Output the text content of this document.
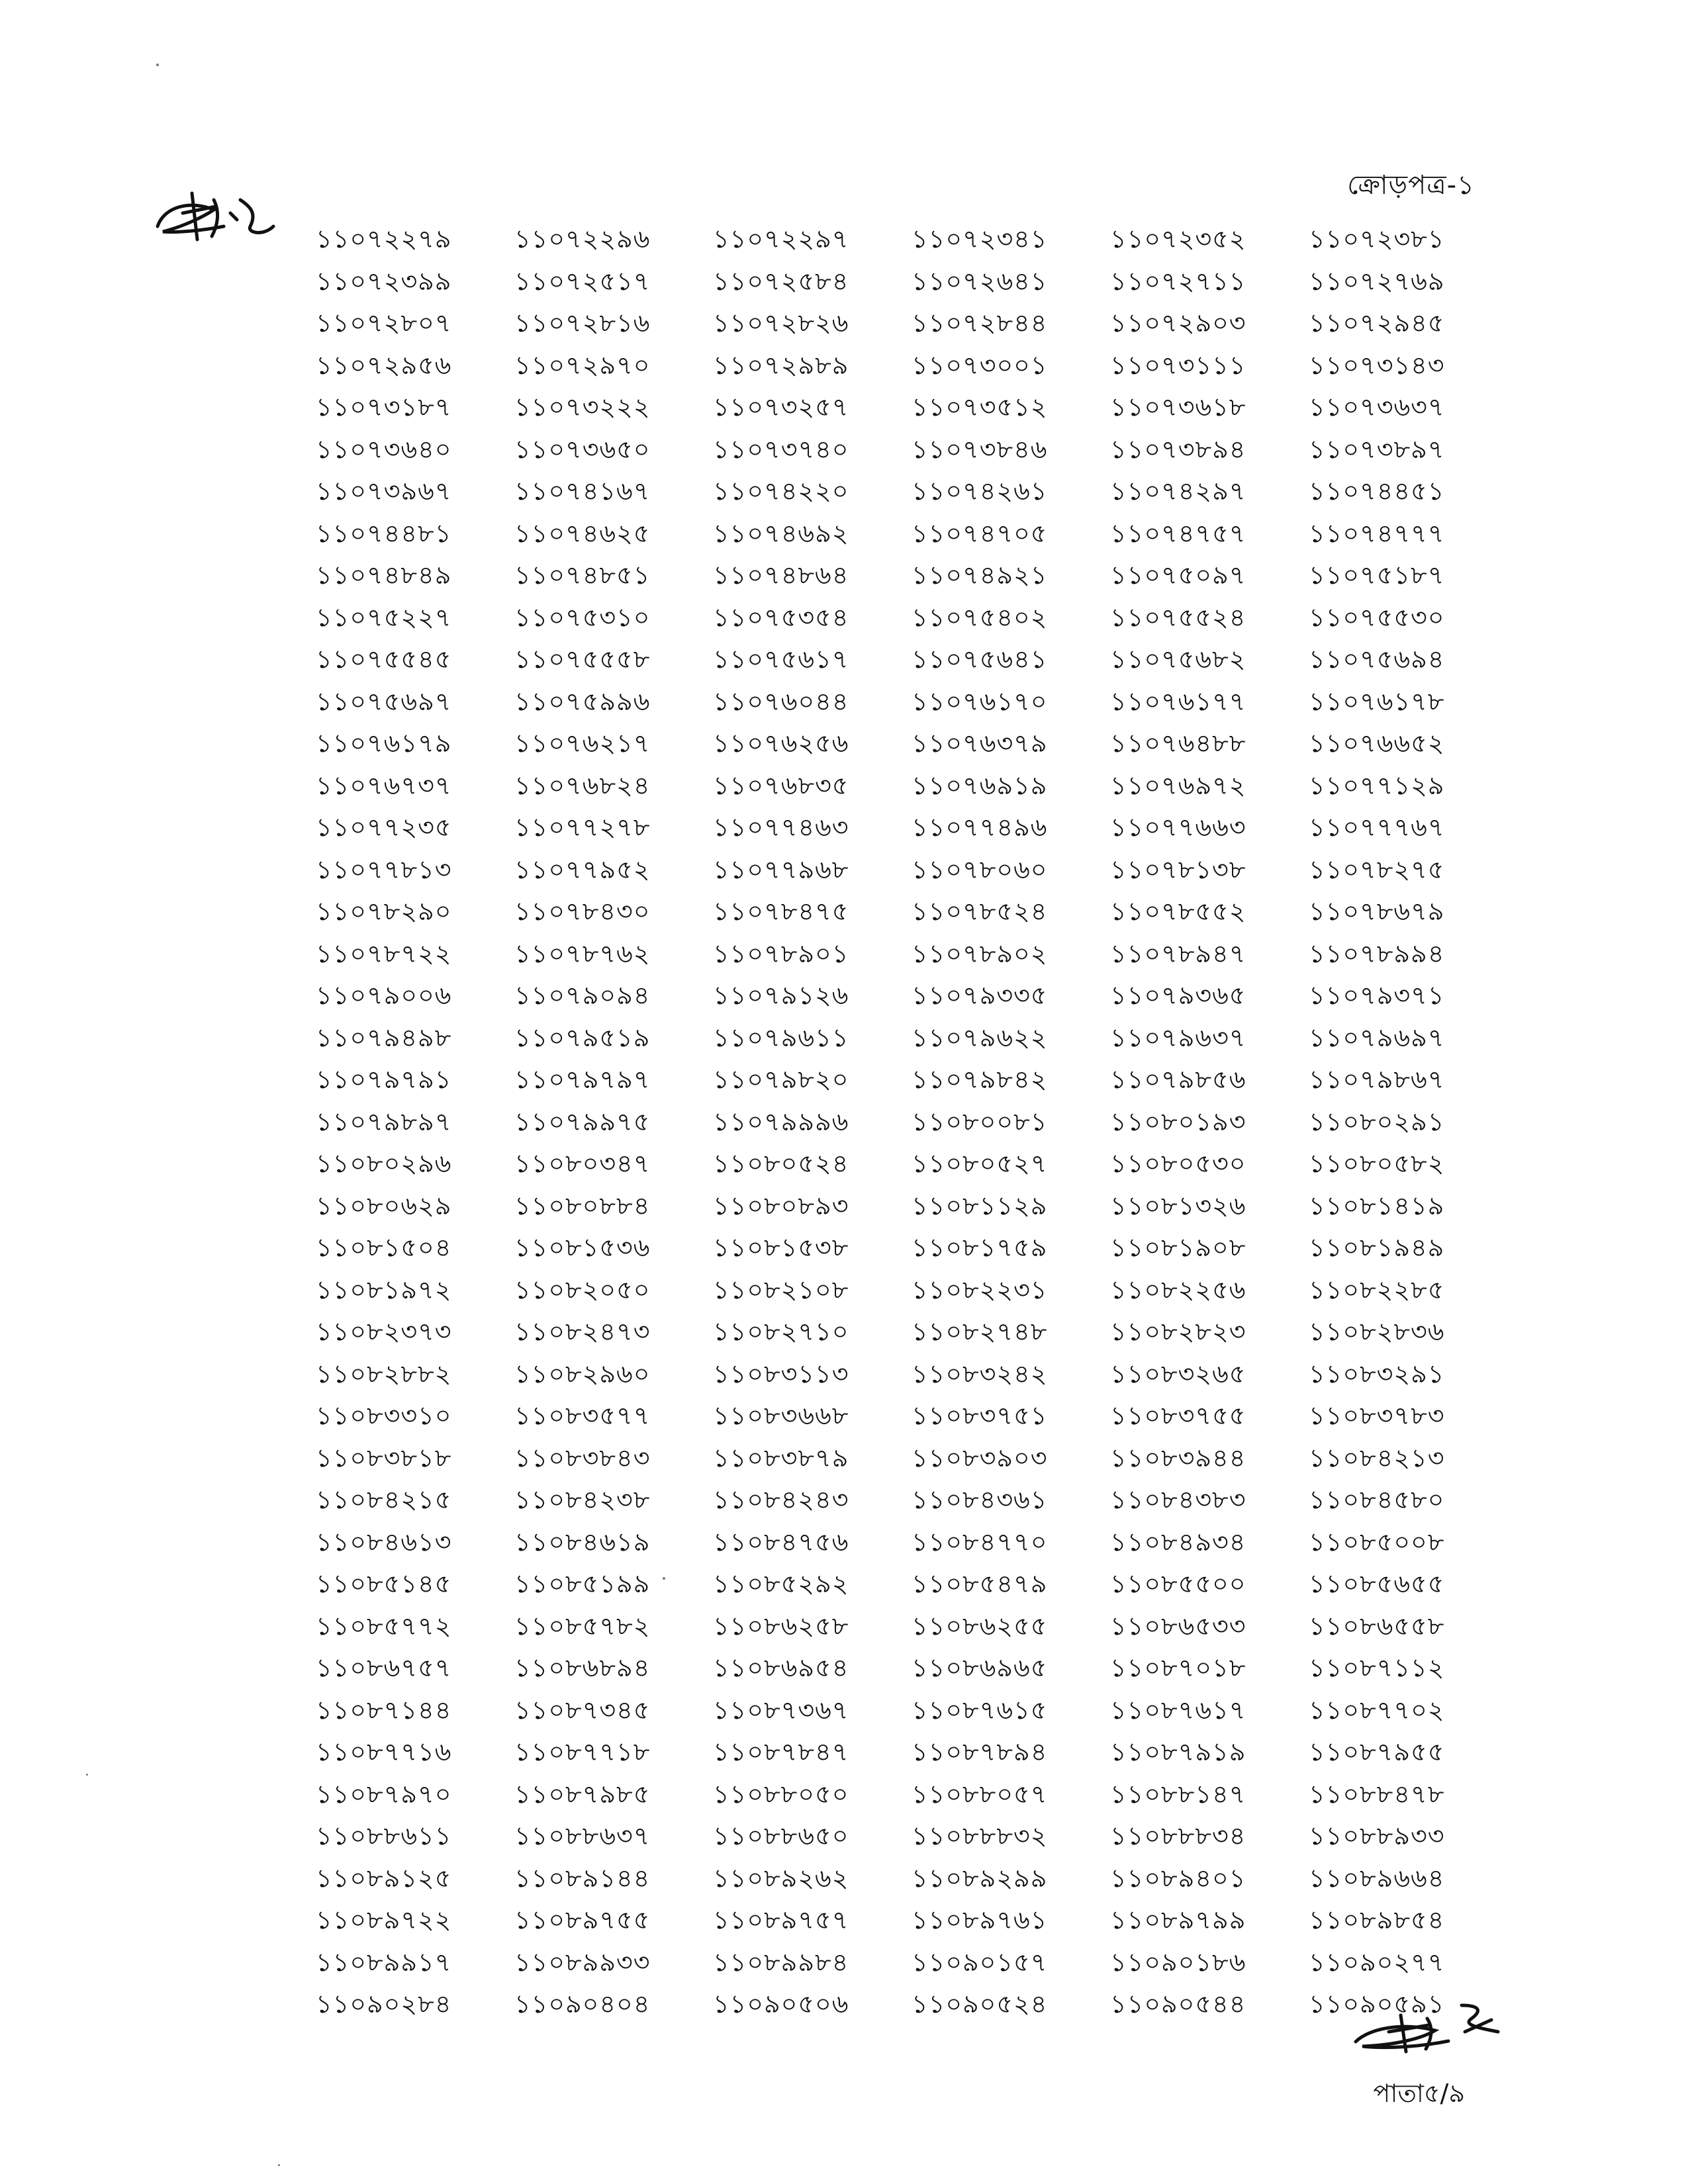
ক্রোড়পত্র-১
১১০৭২২৭৯	১১০৭২২৯৬	১১০৭২২৯৭	১১০৭২৩৪১	১১০৭২৩৫২	১১০৭২৩৮১
১১০৭২৩৯৯	১১০৭২৫১৭	১১০৭২৫৮৪	১১০৭২৬৪১	১১০৭২৭১১	১১০৭২৭৬৯
১১০৭২৮০৭	১১০৭২৮১৬	১১০৭২৮২৬	১১০৭২৮৪৪	১১০৭২৯০৩	১১০৭২৯৪৫
১১০৭২৯৫৬	১১০৭২৯৭০	১১০৭২৯৮৯	১১০৭৩০০১	১১০৭৩১১১	১১০৭৩১৪৩
১১০৭৩১৮৭	১১০৭৩২২২	১১০৭৩২৫৭	১১০৭৩৫১২	১১০৭৩৬১৮	১১০৭৩৬৩৭
১১০৭৩৬৪০	১১০৭৩৬৫০	১১০৭৩৭৪০	১১০৭৩৮৪৬	১১০৭৩৮৯৪	১১০৭৩৮৯৭
১১০৭৩৯৬৭	১১০৭৪১৬৭	১১০৭৪২২০	১১০৭৪২৬১	১১০৭৪২৯৭	১১০৭৪৪৫১
১১০৭৪৪৮১	১১০৭৪৬২৫	১১০৭৪৬৯২	১১০৭৪৭০৫	১১০৭৪৭৫৭	১১০৭৪৭৭৭
১১০৭৪৮৪৯	১১০৭৪৮৫১	১১০৭৪৮৬৪	১১০৭৪৯২১	১১০৭৫০৯৭	১১০৭৫১৮৭
১১০৭৫২২৭	১১০৭৫৩১০	১১০৭৫৩৫৪	১১০৭৫৪০২	১১০৭৫৫২৪	১১০৭৫৫৩০
১১০৭৫৫৪৫	১১০৭৫৫৫৮	১১০৭৫৬১৭	১১০৭৫৬৪১	১১০৭৫৬৮২	১১০৭৫৬৯৪
১১০৭৫৬৯৭	১১০৭৫৯৯৬	১১০৭৬০৪৪	১১০৭৬১৭০	১১০৭৬১৭৭	১১০৭৬১৭৮
১১০৭৬১৭৯	১১০৭৬২১৭	১১০৭৬২৫৬	১১০৭৬৩৭৯	১১০৭৬৪৮৮	১১০৭৬৬৫২
১১০৭৬৭৩৭	১১০৭৬৮২৪	১১০৭৬৮৩৫	১১০৭৬৯১৯	১১০৭৬৯৭২	১১০৭৭১২৯
১১০৭৭২৩৫	১১০৭৭২৭৮	১১০৭৭৪৬৩	১১০৭৭৪৯৬	১১০৭৭৬৬৩	১১০৭৭৭৬৭
১১০৭৭৮১৩	১১০৭৭৯৫২	১১০৭৭৯৬৮	১১০৭৮০৬০	১১০৭৮১৩৮	১১০৭৮২৭৫
১১০৭৮২৯০	১১০৭৮৪৩০	১১০৭৮৪৭৫	১১০৭৮৫২৪	১১০৭৮৫৫২	১১০৭৮৬৭৯
১১০৭৮৭২২	১১০৭৮৭৬২	১১০৭৮৯০১	১১০৭৮৯০২	১১০৭৮৯৪৭	১১০৭৮৯৯৪
১১০৭৯০০৬	১১০৭৯০৯৪	১১০৭৯১২৬	১১০৭৯৩৩৫	১১০৭৯৩৬৫	১১০৭৯৩৭১
১১০৭৯৪৯৮	১১০৭৯৫১৯	১১০৭৯৬১১	১১০৭৯৬২২	১১০৭৯৬৩৭	১১০৭৯৬৯৭
১১০৭৯৭৯১	১১০৭৯৭৯৭	১১০৭৯৮২০	১১০৭৯৮৪২	১১০৭৯৮৫৬	১১০৭৯৮৬৭
১১০৭৯৮৯৭	১১০৭৯৯৭৫	১১০৭৯৯৯৬	১১০৮০০৮১	১১০৮০১৯৩	১১০৮০২৯১
১১০৮০২৯৬	১১০৮০৩৪৭	১১০৮০৫২৪	১১০৮০৫২৭	১১০৮০৫৩০	১১০৮০৫৮২
১১০৮০৬২৯	১১০৮০৮৮৪	১১০৮০৮৯৩	১১০৮১১২৯	১১০৮১৩২৬	১১০৮১৪১৯
১১০৮১৫০৪	১১০৮১৫৩৬	১১০৮১৫৩৮	১১০৮১৭৫৯	১১০৮১৯০৮	১১০৮১৯৪৯
১১০৮১৯৭২	১১০৮২০৫০	১১০৮২১০৮	১১০৮২২৩১	১১০৮২২৫৬	১১০৮২২৮৫
১১০৮২৩৭৩	১১০৮২৪৭৩	১১০৮২৭১০	১১০৮২৭৪৮	১১০৮২৮২৩	১১০৮২৮৩৬
১১০৮২৮৮২	১১০৮২৯৬০	১১০৮৩১১৩	১১০৮৩২৪২	১১০৮৩২৬৫	১১০৮৩২৯১
১১০৮৩৩১০	১১০৮৩৫৭৭	১১০৮৩৬৬৮	১১০৮৩৭৫১	১১০৮৩৭৫৫	১১০৮৩৭৮৩
১১০৮৩৮১৮	১১০৮৩৮৪৩	১১০৮৩৮৭৯	১১০৮৩৯০৩	১১০৮৩৯৪৪	১১০৮৪২১৩
১১০৮৪২১৫	১১০৮৪২৩৮	১১০৮৪২৪৩	১১০৮৪৩৬১	১১০৮৪৩৮৩	১১০৮৪৫৮০
১১০৮৪৬১৩	১১০৮৪৬১৯	১১০৮৪৭৫৬	১১০৮৪৭৭০	১১০৮৪৯৩৪	১১০৮৫০০৮
১১০৮৫১৪৫	১১০৮৫১৯৯	১১০৮৫২৯২	১১০৮৫৪৭৯	১১০৮৫৫০০	১১০৮৫৬৫৫
১১০৮৫৭৭২	১১০৮৫৭৮২	১১০৮৬২৫৮	১১০৮৬২৫৫	১১০৮৬৫৩৩	১১০৮৬৫৫৮
১১০৮৬৭৫৭	১১০৮৬৮৯৪	১১০৮৬৯৫৪	১১০৮৬৯৬৫	১১০৮৭০১৮	১১০৮৭১১২
১১০৮৭১৪৪	১১০৮৭৩৪৫	১১০৮৭৩৬৭	১১০৮৭৬১৫	১১০৮৭৬১৭	১১০৮৭৭০২
১১০৮৭৭১৬	১১০৮৭৭১৮	১১০৮৭৮৪৭	১১০৮৭৮৯৪	১১০৮৭৯১৯	১১০৮৭৯৫৫
১১০৮৭৯৭০	১১০৮৭৯৮৫	১১০৮৮০৫০	১১০৮৮০৫৭	১১০৮৮১৪৭	১১০৮৮৪৭৮
১১০৮৮৬১১	১১০৮৮৬৩৭	১১০৮৮৬৫০	১১০৮৮৮৩২	১১০৮৮৮৩৪	১১০৮৮৯৩৩
১১০৮৯১২৫	১১০৮৯১৪৪	১১০৮৯২৬২	১১০৮৯২৯৯	১১০৮৯৪০১	১১০৮৯৬৬৪
১১০৮৯৭২২	১১০৮৯৭৫৫	১১০৮৯৭৫৭	১১০৮৯৭৬১	১১০৮৯৭৯৯	১১০৮৯৮৫৪
১১০৮৯৯১৭	১১০৮৯৯৩৩	১১০৮৯৯৮৪	১১০৯০১৫৭	১১০৯০১৮৬	১১০৯০২৭৭
১১০৯০২৮৪	১১০৯০৪০৪	১১০৯০৫০৬	১১০৯০৫২৪	১১০৯০৫৪৪	১১০৯০৫৯১
পাতা৫/৯
